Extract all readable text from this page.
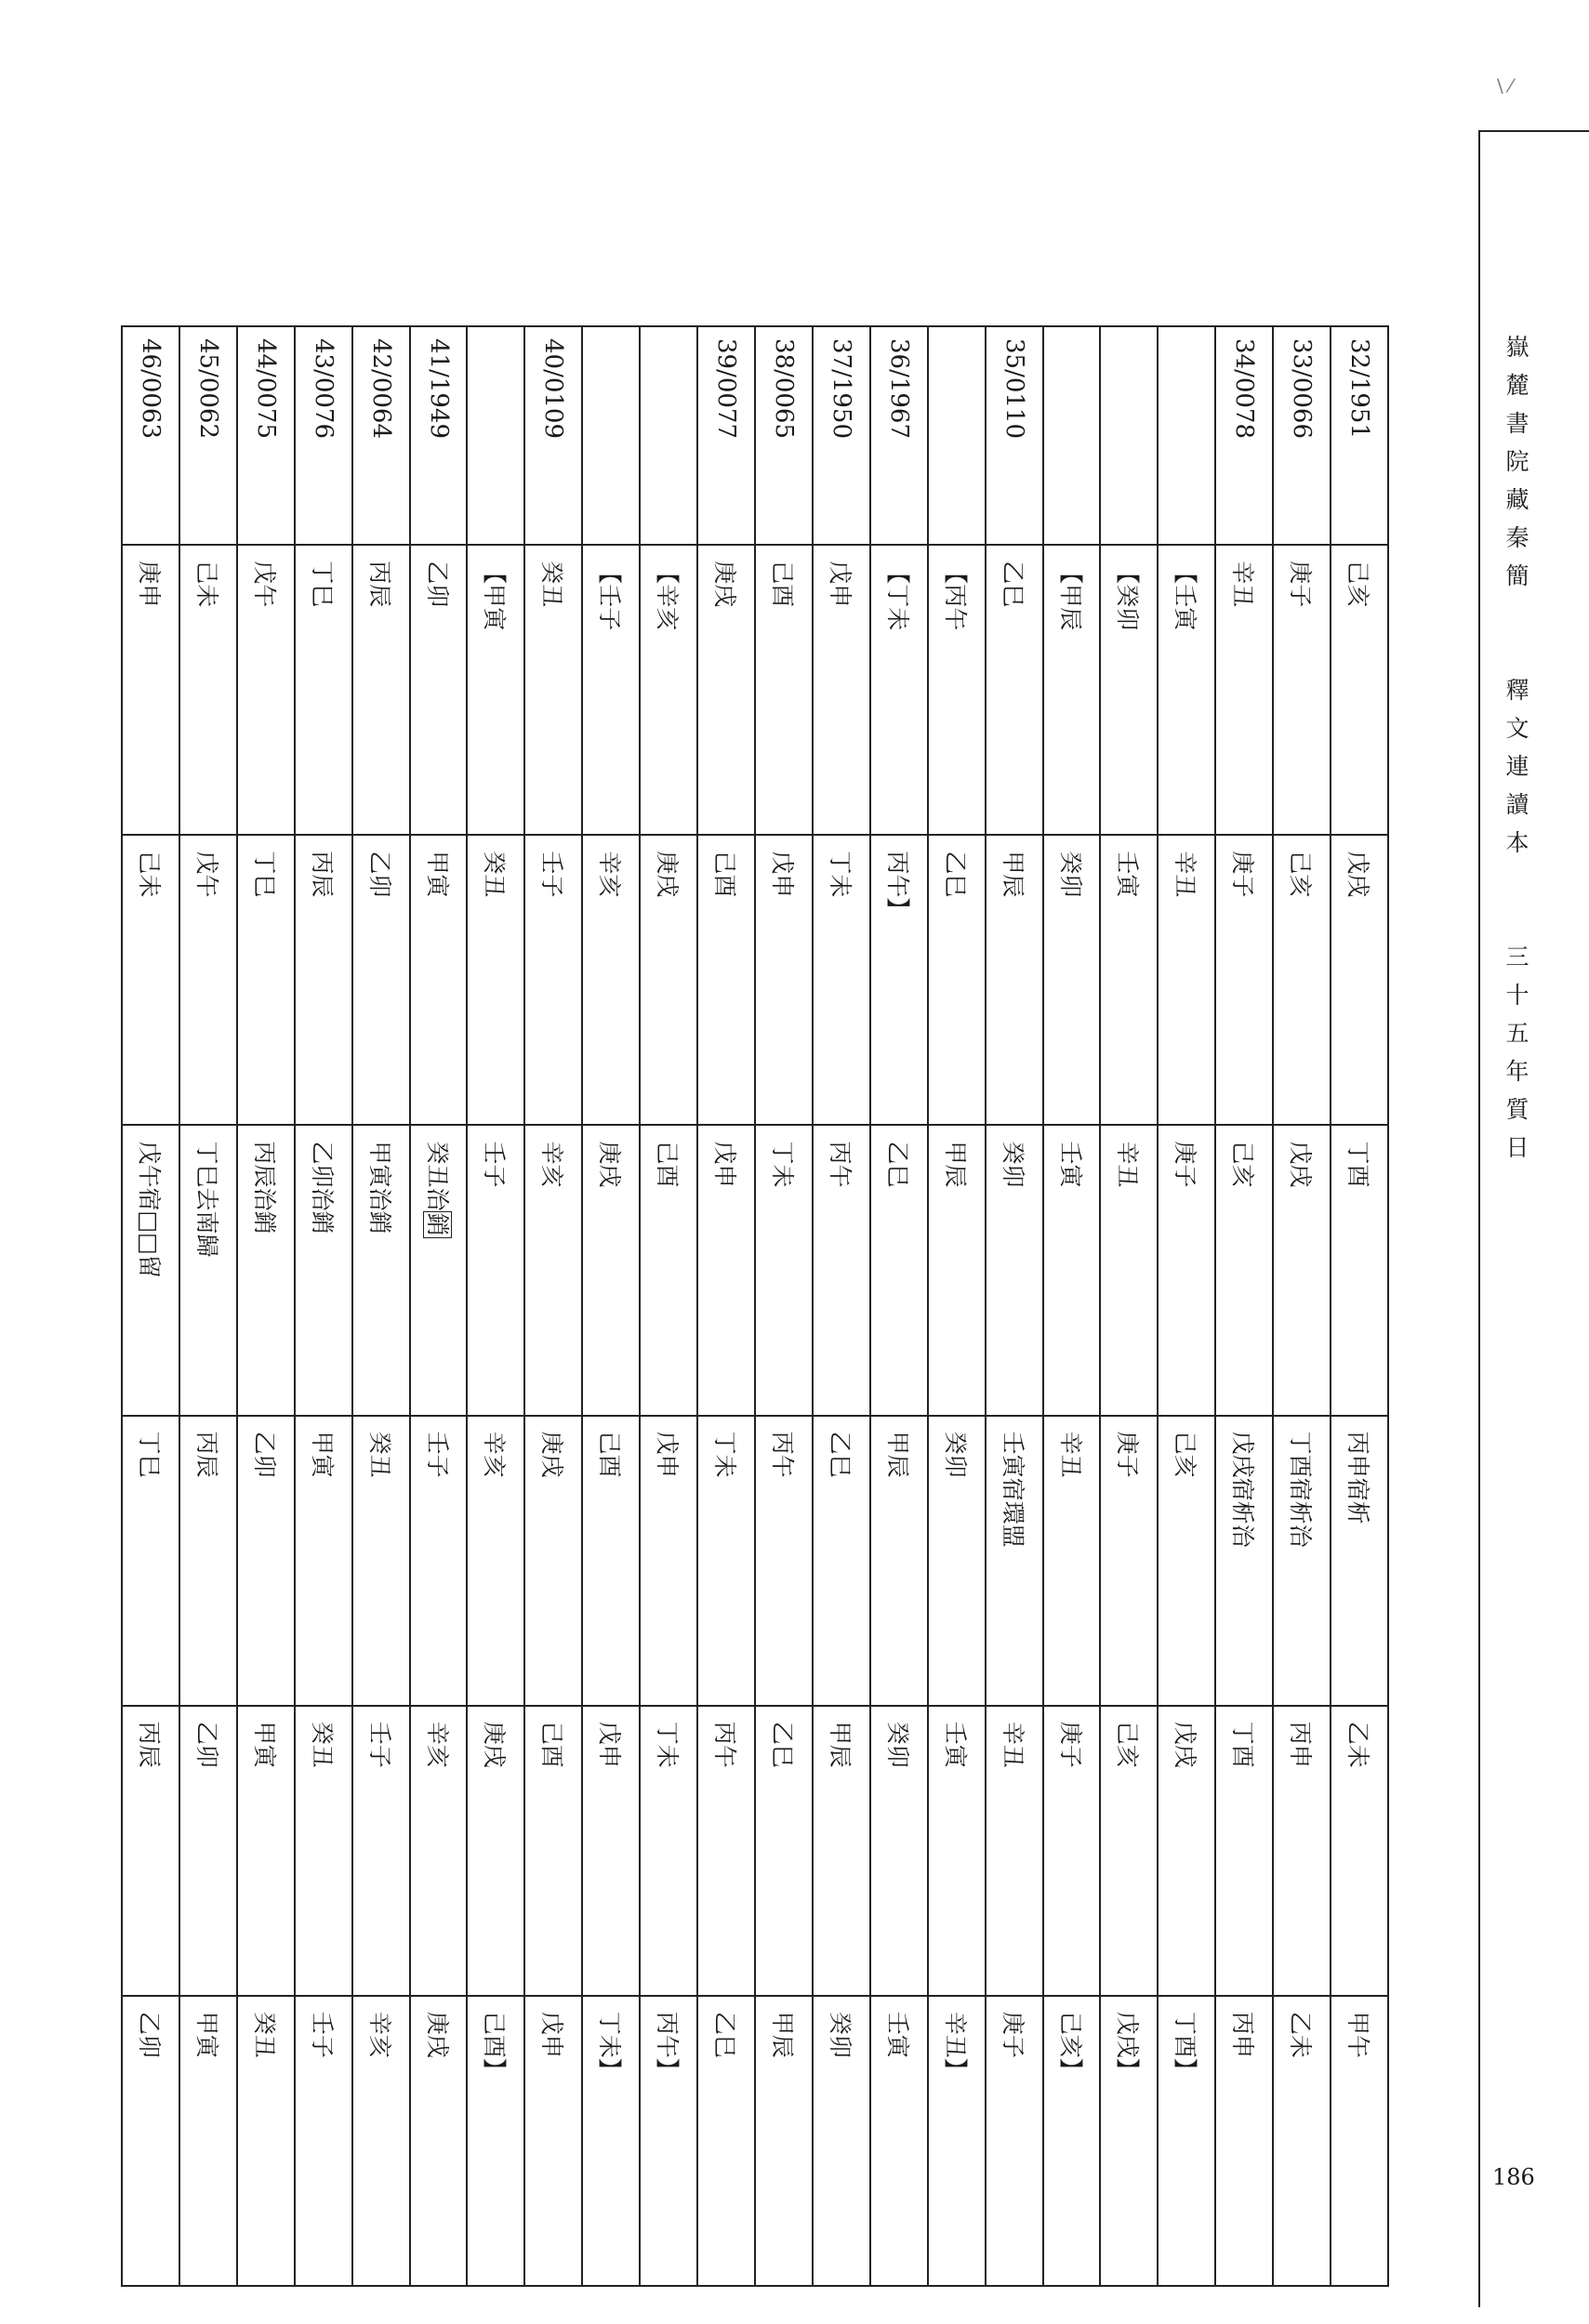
\ ⁄
嶽麓書院藏秦簡　　釋文連讀本　　三十五年質日
186
32/1951	己亥	戊戌	丁酉	丙申宿析	乙未	甲午
33/0066	庚子	己亥	戊戌	丁酉宿析治	丙申	乙未
34/0078	辛丑	庚子	己亥	戊戌宿析治	丁酉	丙申
	【壬寅	辛丑	庚子	己亥	戊戌	丁酉】
	【癸卯	壬寅	辛丑	庚子	己亥	戊戌】
	【甲辰	癸卯	壬寅	辛丑	庚子	己亥】
35/0110	乙巳	甲辰	癸卯	壬寅宿環盟	辛丑	庚子
	【丙午	乙巳	甲辰	癸卯	壬寅	辛丑】
36/1967	【丁未	丙午】	乙巳	甲辰	癸卯	壬寅
37/1950	戊申	丁未	丙午	乙巳	甲辰	癸卯
38/0065	己酉	戊申	丁未	丙午	乙巳	甲辰
39/0077	庚戌	己酉	戊申	丁未	丙午	乙巳
	【辛亥	庚戌	己酉	戊申	丁未	丙午】
	【壬子	辛亥	庚戌	己酉	戊申	丁未】
40/0109	癸丑	壬子	辛亥	庚戌	己酉	戊申
	【甲寅	癸丑	壬子	辛亥	庚戌	己酉】
41/1949	乙卯	甲寅	癸丑治銷	壬子	辛亥	庚戌
42/0064	丙辰	乙卯	甲寅治銷	癸丑	壬子	辛亥
43/0076	丁巳	丙辰	乙卯治銷	甲寅	癸丑	壬子
44/0075	戊午	丁巳	丙辰治銷	乙卯	甲寅	癸丑
45/0062	己未	戊午	丁巳去南歸	丙辰	乙卯	甲寅
46/0063	庚申	己未	戊午宿□□留	丁巳	丙辰	乙卯
